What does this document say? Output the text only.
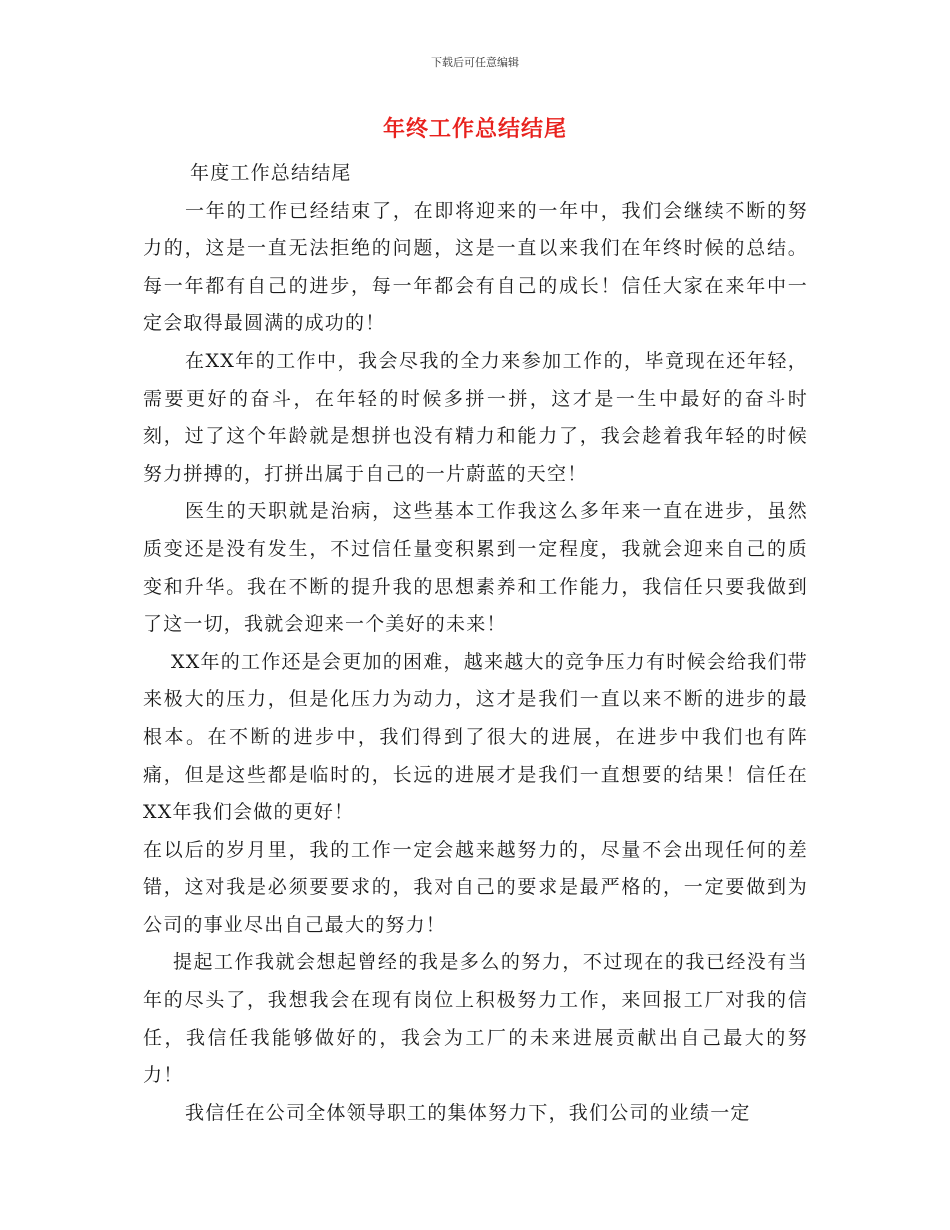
下载后可任意编辑
年终工作总结结尾

年度工作总结结尾

一年的工作已经结束了，在即将迎来的一年中，我们会继续不断的努力的，这是一直无法拒绝的问题，这是一直以来我们在年终时候的总结。每一年都有自己的进步，每一年都会有自己的成长！信任大家在来年中一定会取得最圆满的成功的！

在XX年的工作中，我会尽我的全力来参加工作的，毕竟现在还年轻，需要更好的奋斗，在年轻的时候多拼一拼，这才是一生中最好的奋斗时刻，过了这个年龄就是想拼也没有精力和能力了，我会趁着我年轻的时候努力拼搏的，打拼出属于自己的一片蔚蓝的天空！

医生的天职就是治病，这些基本工作我这么多年来一直在进步，虽然质变还是没有发生，不过信任量变积累到一定程度，我就会迎来自己的质变和升华。我在不断的提升我的思想素养和工作能力，我信任只要我做到了这一切，我就会迎来一个美好的未来！

XX年的工作还是会更加的困难，越来越大的竞争压力有时候会给我们带来极大的压力，但是化压力为动力，这才是我们一直以来不断的进步的最根本。在不断的进步中，我们得到了很大的进展，在进步中我们也有阵痛，但是这些都是临时的，长远的进展才是我们一直想要的结果！信任在XX年我们会做的更好！

在以后的岁月里，我的工作一定会越来越努力的，尽量不会出现任何的差错，这对我是必须要要求的，我对自己的要求是最严格的，一定要做到为公司的事业尽出自己最大的努力！

提起工作我就会想起曾经的我是多么的努力，不过现在的我已经没有当年的尽头了，我想我会在现有岗位上积极努力工作，来回报工厂对我的信任，我信任我能够做好的，我会为工厂的未来进展贡献出自己最大的努力！

我信任在公司全体领导职工的集体努力下，我们公司的业绩一定
